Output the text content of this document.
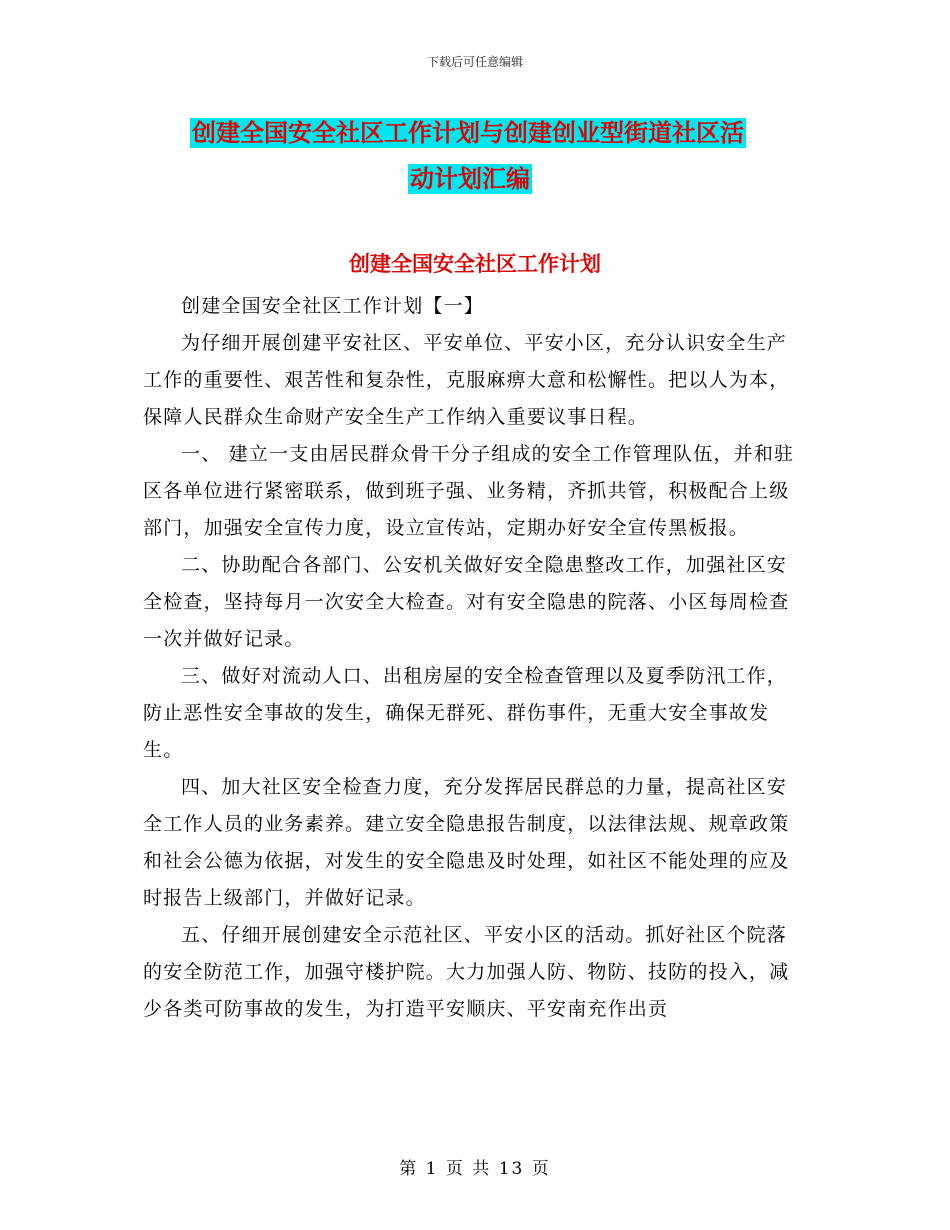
下载后可任意编辑
创建全国安全社区工作计划与创建创业型街道社区活
动计划汇编
创建全国安全社区工作计划

创建全国安全社区工作计划【一】

为仔细开展创建平安社区、平安单位、平安小区，充分认识安全生产工作的重要性、艰苦性和复杂性，克服麻痹大意和松懈性。把以人为本，保障人民群众生命财产安全生产工作纳入重要议事日程。

一、 建立一支由居民群众骨干分子组成的安全工作管理队伍，并和驻区各单位进行紧密联系，做到班子强、业务精，齐抓共管，积极配合上级部门，加强安全宣传力度，设立宣传站，定期办好安全宣传黑板报。

二、协助配合各部门、公安机关做好安全隐患整改工作，加强社区安全检查，坚持每月一次安全大检查。对有安全隐患的院落、小区每周检查一次并做好记录。

三、做好对流动人口、出租房屋的安全检查管理以及夏季防汛工作，防止恶性安全事故的发生，确保无群死、群伤事件，无重大安全事故发生。

四、加大社区安全检查力度，充分发挥居民群总的力量，提高社区安全工作人员的业务素养。建立安全隐患报告制度，以法律法规、规章政策和社会公德为依据，对发生的安全隐患及时处理，如社区不能处理的应及时报告上级部门，并做好记录。

五、仔细开展创建安全示范社区、平安小区的活动。抓好社区个院落的安全防范工作，加强守楼护院。大力加强人防、物防、技防的投入，减少各类可防事故的发生，为打造平安顺庆、平安南充作出贡

第 1 页 共 13 页
